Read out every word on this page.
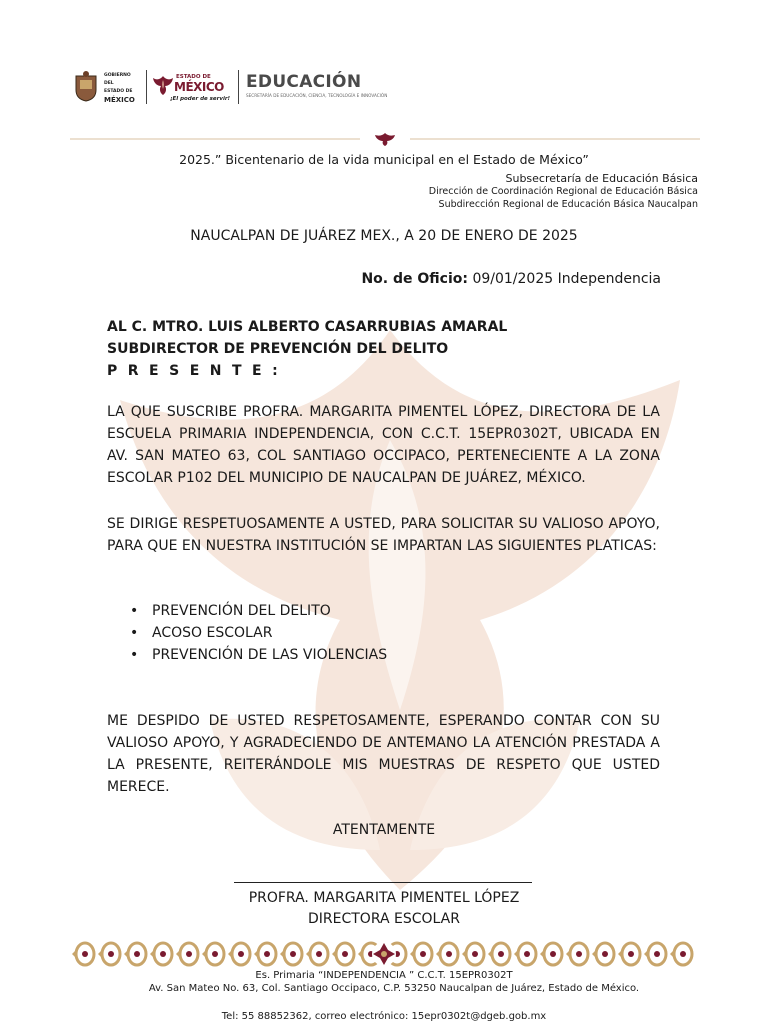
GOBIERNO DEL
ESTADO DE
MÉXICO
ESTADO DE
MÉXICO
¡El poder de servir!
EDUCACIÓN
SECRETARÍA DE EDUCACIÓN, CIENCIA, TECNOLOGÍA E INNOVACIÓN
2025.” Bicentenario de la vida municipal en el Estado de México”
Subsecretaría de Educación Básica
Dirección de Coordinación Regional de Educación Básica
Subdirección Regional de Educación Básica Naucalpan
NAUCALPAN DE JUÁREZ MEX., A 20 DE ENERO DE 2025
No. de Oficio: 09/01/2025 Independencia
AL C. MTRO. LUIS ALBERTO CASARRUBIAS AMARAL
SUBDIRECTOR DE PREVENCIÓN DEL DELITO
PRESENTE:
LA QUE SUSCRIBE PROFRA. MARGARITA PIMENTEL LÓPEZ, DIRECTORA DE LA ESCUELA PRIMARIA INDEPENDENCIA, CON C.C.T. 15EPR0302T, UBICADA EN AV. SAN MATEO 63, COL SANTIAGO OCCIPACO, PERTENECIENTE A LA ZONA ESCOLAR P102 DEL MUNICIPIO DE NAUCALPAN DE JUÁREZ, MÉXICO.
SE DIRIGE RESPETUOSAMENTE A USTED, PARA SOLICITAR SU VALIOSO APOYO, PARA QUE EN NUESTRA INSTITUCIÓN SE IMPARTAN LAS SIGUIENTES PLATICAS:
• PREVENCIÓN DEL DELITO
• ACOSO ESCOLAR
• PREVENCIÓN DE LAS VIOLENCIAS
ME DESPIDO DE USTED RESPETOSAMENTE, ESPERANDO CONTAR CON SU VALIOSO APOYO, Y AGRADECIENDO DE ANTEMANO LA ATENCIÓN PRESTADA A LA PRESENTE, REITERÁNDOLE MIS MUESTRAS DE RESPETO QUE USTED MERECE.
ATENTAMENTE
PROFRA. MARGARITA PIMENTEL LÓPEZ
DIRECTORA ESCOLAR
Es. Primaria “INDEPENDENCIA ” C.C.T. 15EPR0302T
Av. San Mateo No. 63, Col. Santiago Occipaco, C.P. 53250 Naucalpan de Juárez, Estado de México.
Tel: 55 88852362, correo electrónico: 15epr0302t@dgeb.gob.mx
